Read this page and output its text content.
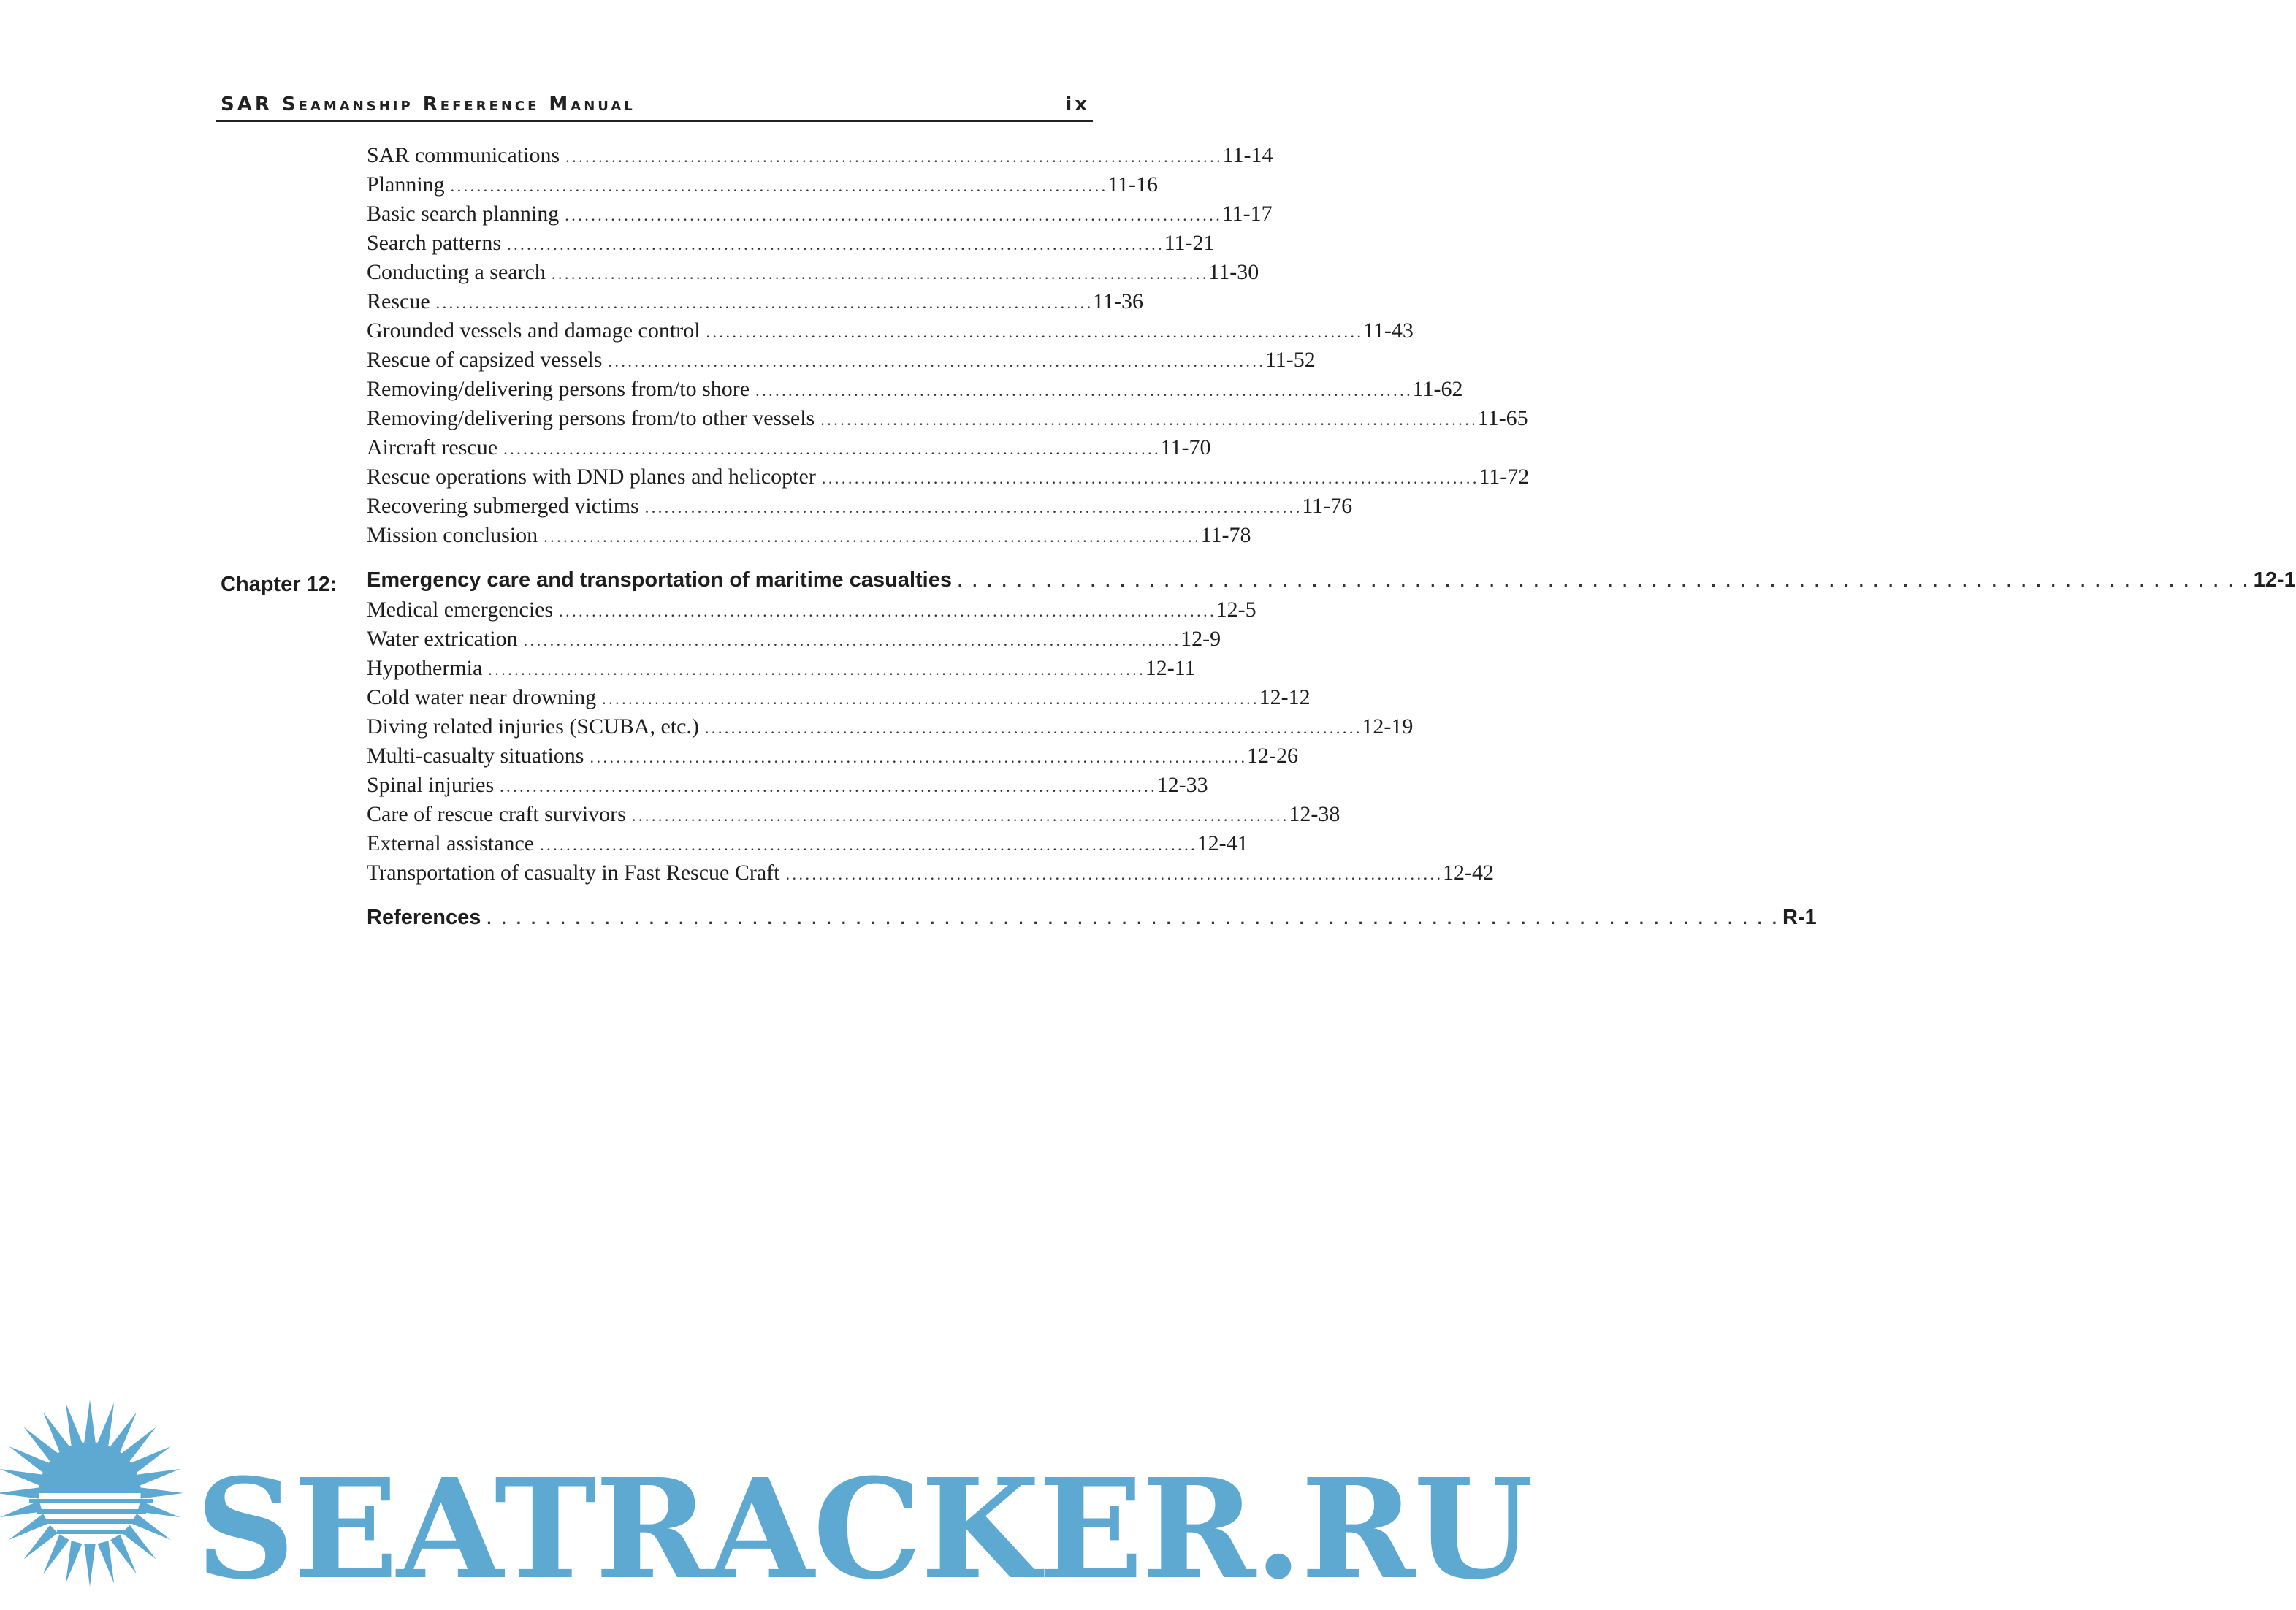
SAR Seamanship Reference Manual	ix
SAR communications . . .	11-14
Planning . . .	11-16
Basic search planning . . .	11-17
Search patterns . . .	11-21
Conducting a search . . .	11-30
Rescue . . .	11-36
Grounded vessels and damage control . . .	11-43
Rescue of capsized vessels . . .	11-52
Removing/delivering persons from/to shore . . .	11-62
Removing/delivering persons from/to other vessels . . .	11-65
Aircraft rescue . . .	11-70
Rescue operations with DND planes and helicopter . . .	11-72
Recovering submerged victims . . .	11-76
Mission conclusion . . .	11-78
Chapter 12: Emergency care and transportation of maritime casualties . . .	12-1
Medical emergencies . . .	12-5
Water extrication . . .	12-9
Hypothermia . . .	12-11
Cold water near drowning . . .	12-12
Diving related injuries (SCUBA, etc.) . . .	12-19
Multi-casualty situations . . .	12-26
Spinal injuries . . .	12-33
Care of rescue craft survivors . . .	12-38
External assistance . . .	12-41
Transportation of casualty in Fast Rescue Craft . . .	12-42
References . . .	R-1
SEATRACKER.RU
